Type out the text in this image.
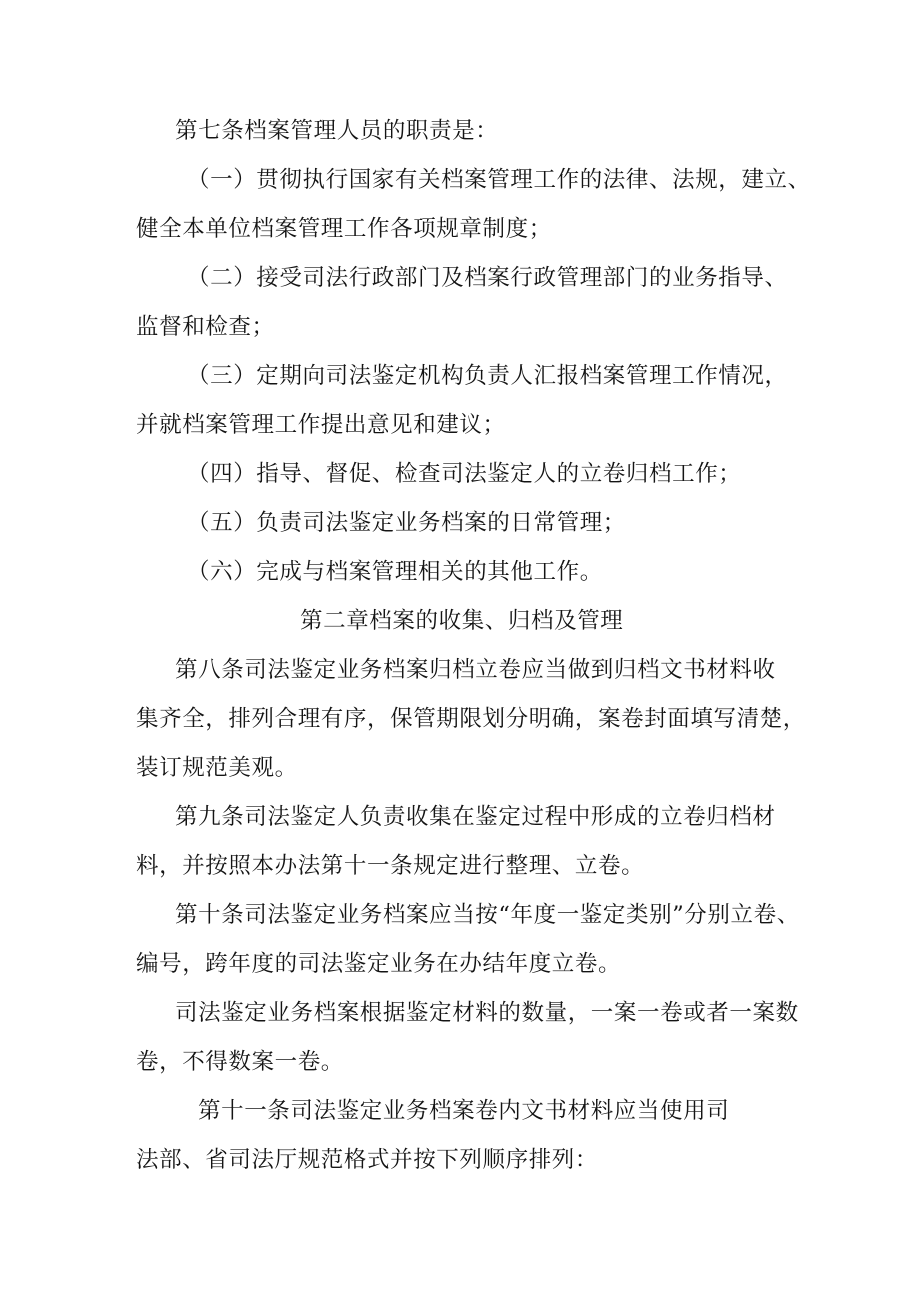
第七条档案管理人员的职责是：
（一）贯彻执行国家有关档案管理工作的法律、法规，建立、
健全本单位档案管理工作各项规章制度；
（二）接受司法行政部门及档案行政管理部门的业务指导、
监督和检查；
（三）定期向司法鉴定机构负责人汇报档案管理工作情况，
并就档案管理工作提出意见和建议；
（四）指导、督促、检查司法鉴定人的立卷归档工作；
（五）负责司法鉴定业务档案的日常管理；
（六）完成与档案管理相关的其他工作。
第二章档案的收集、归档及管理
第八条司法鉴定业务档案归档立卷应当做到归档文书材料收
集齐全，排列合理有序，保管期限划分明确，案卷封面填写清楚，
装订规范美观。
第九条司法鉴定人负责收集在鉴定过程中形成的立卷归档材
料，并按照本办法第十一条规定进行整理、立卷。
第十条司法鉴定业务档案应当按“年度一鉴定类别”分别立卷、
编号，跨年度的司法鉴定业务在办结年度立卷。
司法鉴定业务档案根据鉴定材料的数量，一案一卷或者一案数
卷，不得数案一卷。
第十一条司法鉴定业务档案卷内文书材料应当使用司
法部、省司法厅规范格式并按下列顺序排列：
